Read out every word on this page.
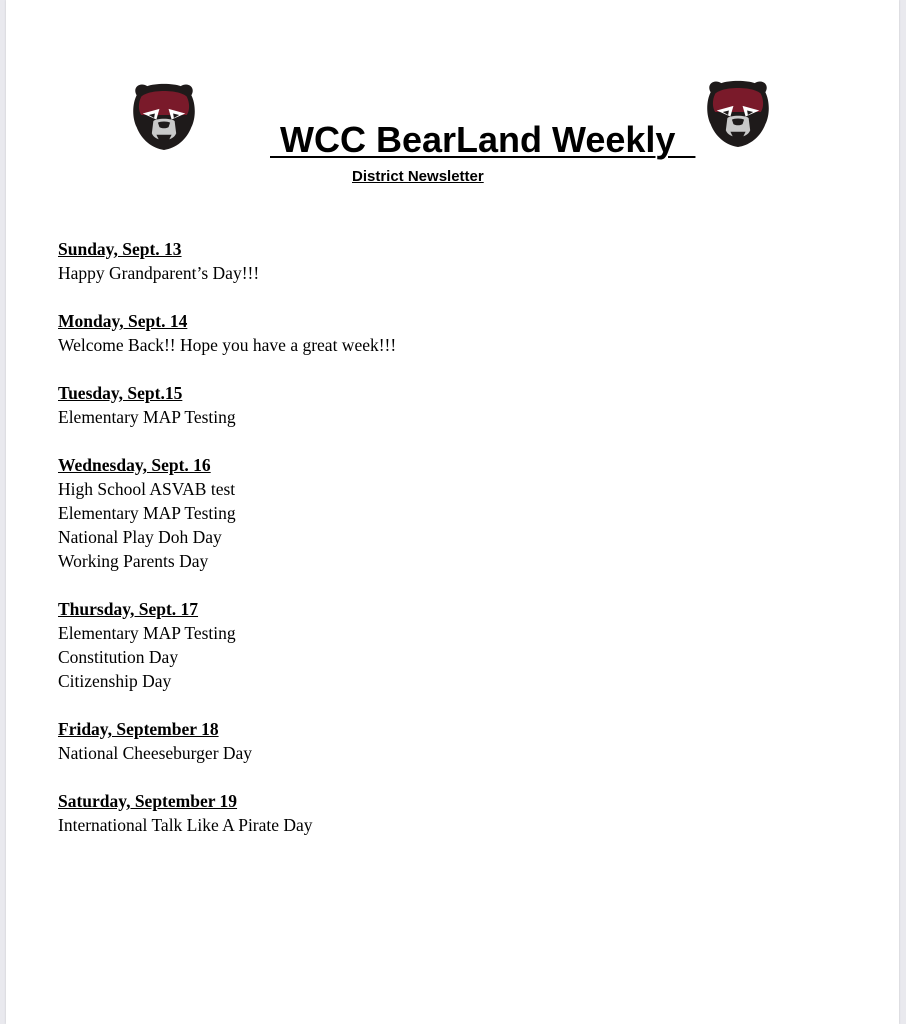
WCC BearLand Weekly
District Newsletter
Sunday, Sept. 13
Happy Grandparent’s Day!!!
Monday, Sept. 14
Welcome Back!! Hope you have a great week!!!
Tuesday, Sept.15
Elementary MAP Testing
Wednesday, Sept. 16
High School ASVAB test
Elementary MAP Testing
National Play Doh Day
Working Parents Day
Thursday, Sept. 17
Elementary MAP Testing
Constitution Day
Citizenship Day
Friday, September 18
National Cheeseburger Day
Saturday, September 19
International Talk Like A Pirate Day
